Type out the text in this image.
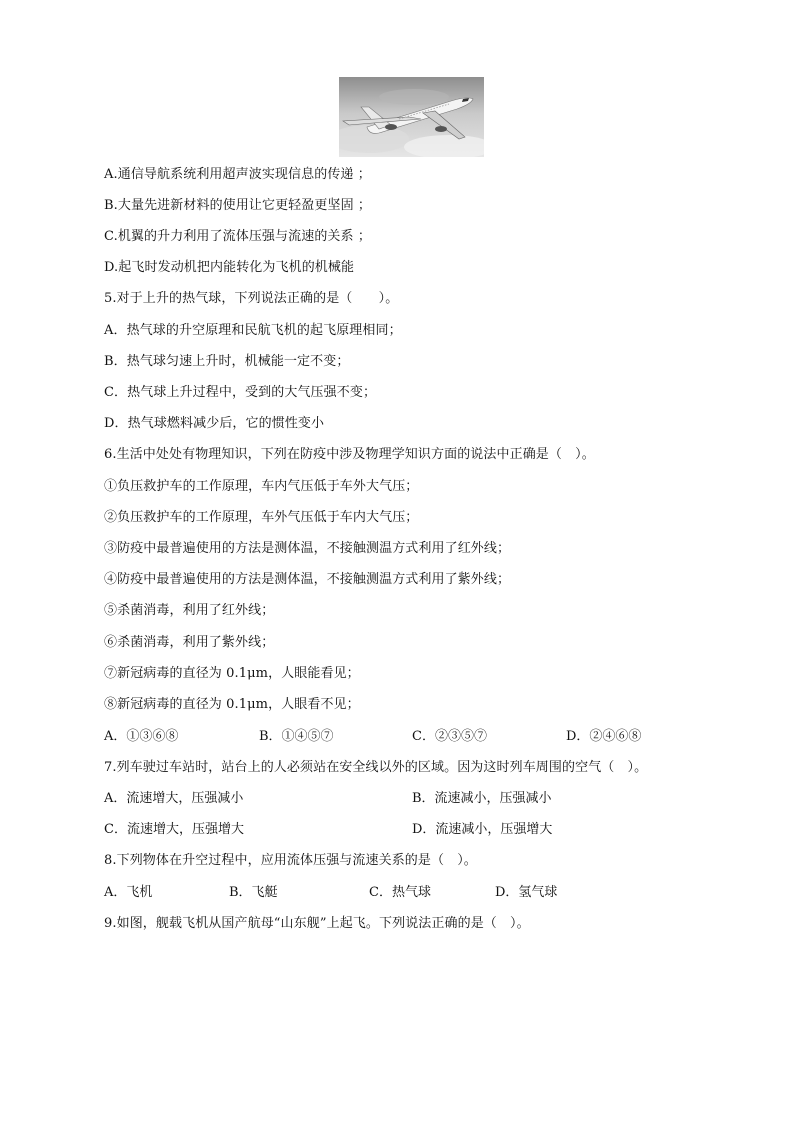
A.通信导航系统利用超声波实现信息的传递 ；
B.大量先进新材料的使用让它更轻盈更坚固 ；
C.机翼的升力利用了流体压强与流速的关系 ；
D.起飞时发动机把内能转化为飞机的机械能
5.对于上升的热气球，下列说法正确的是（　　）。
A．热气球的升空原理和民航飞机的起飞原理相同；
B．热气球匀速上升时，机械能一定不变；
C．热气球上升过程中，受到的大气压强不变；
D．热气球燃料减少后，它的惯性变小
6.生活中处处有物理知识，下列在防疫中涉及物理学知识方面的说法中正确是（　）。
①负压救护车的工作原理，车内气压低于车外大气压；
②负压救护车的工作原理，车外气压低于车内大气压；
③防疫中最普遍使用的方法是测体温，不接触测温方式利用了红外线；
④防疫中最普遍使用的方法是测体温，不接触测温方式利用了紫外线；
⑤杀菌消毒，利用了红外线；
⑥杀菌消毒，利用了紫外线；
⑦新冠病毒的直径为 0.1μm，人眼能看见；
⑧新冠病毒的直径为 0.1μm，人眼看不见；
A．①③⑥⑧	B．①④⑤⑦	C．②③⑤⑦	D．②④⑥⑧
7.列车驶过车站时，站台上的人必须站在安全线以外的区域。因为这时列车周围的空气（　）。
A．流速增大，压强减小	B．流速减小，压强减小
C．流速增大，压强增大	D．流速减小，压强增大
8.下列物体在升空过程中，应用流体压强与流速关系的是（　）。
A．飞机	B．飞艇	C．热气球	D．氢气球
9.如图，舰载飞机从国产航母“山东舰”上起飞。下列说法正确的是（　）。
